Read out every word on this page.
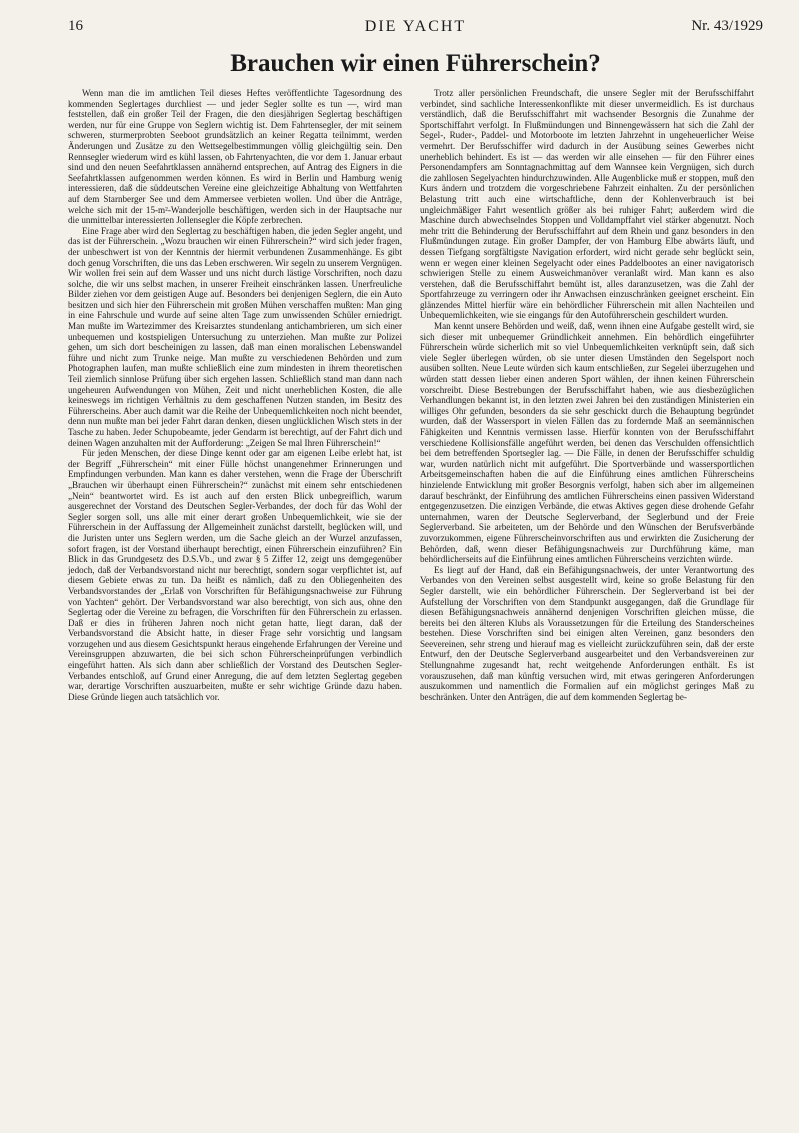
16	DIE YACHT	Nr. 43/1929
Brauchen wir einen Führerschein?

Wenn man die im amtlichen Teil dieses Heftes veröffentlichte Tagesordnung des kommenden Seglertages durchliest — und jeder Segler sollte es tun —, wird man feststellen, daß ein großer Teil der Fragen, die den diesjährigen Seglertag beschäftigen werden, nur für eine Gruppe von Seglern wichtig ist. Dem Fahrtensegler, der mit seinem schweren, sturmerprobten Seeboot grundsätzlich an keiner Regatta teilnimmt, werden Änderungen und Zusätze zu den Wettsegelbestimmungen völlig gleichgültig sein. Den Rennsegler wiederum wird es kühl lassen, ob Fahrtenyachten, die vor dem 1. Januar erbaut sind und den neuen Seefahrtklassen annähernd entsprechen, auf Antrag des Eigners in die Seefahrtklassen aufgenommen werden können. Es wird in Berlin und Hamburg wenig interessieren, daß die süddeutschen Vereine eine gleichzeitige Abhaltung von Wettfahrten auf dem Starnberger See und dem Ammersee verbieten wollen. Und über die Anträge, welche sich mit der 15-m²-Wanderjolle beschäftigen, werden sich in der Hauptsache nur die unmittelbar interessierten Jollensegler die Köpfe zerbrechen.

Eine Frage aber wird den Seglertag zu beschäftigen haben, die jeden Segler angeht, und das ist der Führerschein. „Wozu brauchen wir einen Führerschein?“ wird sich jeder fragen, der unbeschwert ist von der Kenntnis der hiermit verbundenen Zusammenhänge. Es gibt doch genug Vorschriften, die uns das Leben erschweren. Wir segeln zu unserem Vergnügen. Wir wollen frei sein auf dem Wasser und uns nicht durch lästige Vorschriften, noch dazu solche, die wir uns selbst machen, in unserer Freiheit einschränken lassen. Unerfreuliche Bilder ziehen vor dem geistigen Auge auf. Besonders bei denjenigen Seglern, die ein Auto besitzen und sich hier den Führerschein mit großen Mühen verschaffen mußten: Man ging in eine Fahrschule und wurde auf seine alten Tage zum unwissenden Schüler erniedrigt. Man mußte im Wartezimmer des Kreisarztes stundenlang antichambrieren, um sich einer unbequemen und kostspieligen Untersuchung zu unterziehen. Man mußte zur Polizei gehen, um sich dort bescheinigen zu lassen, daß man einen moralischen Lebenswandel führe und nicht zum Trunke neige. Man mußte zu verschiedenen Behörden und zum Photographen laufen, man mußte schließlich eine zum mindesten in ihrem theoretischen Teil ziemlich sinnlose Prüfung über sich ergehen lassen. Schließlich stand man dann nach ungeheuren Aufwendungen von Mühen, Zeit und nicht unerheblichen Kosten, die alle keineswegs im richtigen Verhältnis zu dem geschaffenen Nutzen standen, im Besitz des Führerscheins. Aber auch damit war die Reihe der Unbequemlichkeiten noch nicht beendet, denn nun mußte man bei jeder Fahrt daran denken, diesen unglücklichen Wisch stets in der Tasche zu haben. Jeder Schupobeamte, jeder Gendarm ist berechtigt, auf der Fahrt dich und deinen Wagen anzuhalten mit der Aufforderung: „Zeigen Se mal Ihren Führerschein!“

Für jeden Menschen, der diese Dinge kennt oder gar am eigenen Leibe erlebt hat, ist der Begriff „Führerschein“ mit einer Fülle höchst unangenehmer Erinnerungen und Empfindungen verbunden. Man kann es daher verstehen, wenn die Frage der Überschrift „Brauchen wir überhaupt einen Führerschein?“ zunächst mit einem sehr entschiedenen „Nein“ beantwortet wird. Es ist auch auf den ersten Blick unbegreiflich, warum ausgerechnet der Vorstand des Deutschen Segler-Verbandes, der doch für das Wohl der Segler sorgen soll, uns alle mit einer derart großen Unbequemlichkeit, wie sie der Führerschein in der Auffassung der Allgemeinheit zunächst darstellt, beglücken will, und die Juristen unter uns Seglern werden, um die Sache gleich an der Wurzel anzufassen, sofort fragen, ist der Vorstand überhaupt berechtigt, einen Führerschein einzuführen? Ein Blick in das Grundgesetz des D.S.Vb., und zwar § 5 Ziffer 12, zeigt uns demgegenüber jedoch, daß der Verbandsvorstand nicht nur berechtigt, sondern sogar verpflichtet ist, auf diesem Gebiete etwas zu tun. Da heißt es nämlich, daß zu den Obliegenheiten des Verbandsvorstandes der „Erlaß von Vorschriften für Befähigungsnachweise zur Führung von Yachten“ gehört. Der Verbandsvorstand war also berechtigt, von sich aus, ohne den Seglertag oder die Vereine zu befragen, die Vorschriften für den Führerschein zu erlassen. Daß er dies in früheren Jahren noch nicht getan hatte, liegt daran, daß der Verbandsvorstand die Absicht hatte, in dieser Frage sehr vorsichtig und langsam vorzugehen und aus diesem Gesichtspunkt heraus eingehende Erfahrungen der Vereine und Vereinsgruppen abzuwarten, die bei sich schon Führerscheinprüfungen verbindlich eingeführt hatten. Als sich dann aber schließlich der Vorstand des Deutschen Segler-Verbandes entschloß, auf Grund einer Anregung, die auf dem letzten Seglertag gegeben war, derartige Vorschriften auszuarbeiten, mußte er sehr wichtige Gründe dazu haben. Diese Gründe liegen auch tatsächlich vor.

Trotz aller persönlichen Freundschaft, die unsere Segler mit der Berufsschiffahrt verbindet, sind sachliche Interessenkonflikte mit dieser unvermeidlich. Es ist durchaus verständlich, daß die Berufsschiffahrt mit wachsender Besorgnis die Zunahme der Sportschiffahrt verfolgt. In Flußmündungen und Binnengewässern hat sich die Zahl der Segel-, Ruder-, Paddel- und Motorboote im letzten Jahrzehnt in ungeheuerlicher Weise vermehrt. Der Berufsschiffer wird dadurch in der Ausübung seines Gewerbes nicht unerheblich behindert. Es ist — das werden wir alle einsehen — für den Führer eines Personendampfers am Sonntagnachmittag auf dem Wannsee kein Vergnügen, sich durch die zahllosen Segelyachten hindurchzuwinden. Alle Augenblicke muß er stoppen, muß den Kurs ändern und trotzdem die vorgeschriebene Fahrzeit einhalten. Zu der persönlichen Belastung tritt auch eine wirtschaftliche, denn der Kohlenverbrauch ist bei ungleichmäßiger Fahrt wesentlich größer als bei ruhiger Fahrt; außerdem wird die Maschine durch abwechselndes Stoppen und Volldampffahrt viel stärker abgenutzt. Noch mehr tritt die Behinderung der Berufsschiffahrt auf dem Rhein und ganz besonders in den Flußmündungen zutage. Ein großer Dampfer, der von Hamburg Elbe abwärts läuft, und dessen Tiefgang sorgfältigste Navigation erfordert, wird nicht gerade sehr beglückt sein, wenn er wegen einer kleinen Segelyacht oder eines Paddelbootes an einer navigatorisch schwierigen Stelle zu einem Ausweichmanöver veranlaßt wird. Man kann es also verstehen, daß die Berufsschiffahrt bemüht ist, alles daranzusetzen, was die Zahl der Sportfahrzeuge zu verringern oder ihr Anwachsen einzuschränken geeignet erscheint. Ein glänzendes Mittel hierfür wäre ein behördlicher Führerschein mit allen Nachteilen und Unbequemlichkeiten, wie sie eingangs für den Autoführerschein geschildert wurden.

Man kennt unsere Behörden und weiß, daß, wenn ihnen eine Aufgabe gestellt wird, sie sich dieser mit unbequemer Gründlichkeit annehmen. Ein behördlich eingeführter Führerschein würde sicherlich mit so viel Unbequemlichkeiten verknüpft sein, daß sich viele Segler überlegen würden, ob sie unter diesen Umständen den Segelsport noch ausüben sollten. Neue Leute würden sich kaum entschließen, zur Segelei überzugehen und würden statt dessen lieber einen anderen Sport wählen, der ihnen keinen Führerschein vorschreibt. Diese Bestrebungen der Berufsschiffahrt haben, wie aus diesbezüglichen Verhandlungen bekannt ist, in den letzten zwei Jahren bei den zuständigen Ministerien ein williges Ohr gefunden, besonders da sie sehr geschickt durch die Behauptung begründet wurden, daß der Wassersport in vielen Fällen das zu fordernde Maß an seemännischen Fähigkeiten und Kenntnis vermissen lasse. Hierfür konnten von der Berufsschiffahrt verschiedene Kollisionsfälle angeführt werden, bei denen das Verschulden offensichtlich bei dem betreffenden Sportsegler lag. — Die Fälle, in denen der Berufsschiffer schuldig war, wurden natürlich nicht mit aufgeführt. Die Sportverbände und wassersportlichen Arbeitsgemeinschaften haben die auf die Einführung eines amtlichen Führerscheins hinzielende Entwicklung mit großer Besorgnis verfolgt, haben sich aber im allgemeinen darauf beschränkt, der Einführung des amtlichen Führerscheins einen passiven Widerstand entgegenzusetzen. Die einzigen Verbände, die etwas Aktives gegen diese drohende Gefahr unternahmen, waren der Deutsche Seglerverband, der Seglerbund und der Freie Seglerverband. Sie arbeiteten, um der Behörde und den Wünschen der Berufsverbände zuvorzukommen, eigene Führerscheinvorschriften aus und erwirkten die Zusicherung der Behörden, daß, wenn dieser Befähigungsnachweis zur Durchführung käme, man behördlicherseits auf die Einführung eines amtlichen Führerscheins verzichten würde.

Es liegt auf der Hand, daß ein Befähigungsnachweis, der unter Verantwortung des Verbandes von den Vereinen selbst ausgestellt wird, keine so große Belastung für den Segler darstellt, wie ein behördlicher Führerschein. Der Seglerverband ist bei der Aufstellung der Vorschriften von dem Standpunkt ausgegangen, daß die Grundlage für diesen Befähigungsnachweis annähernd denjenigen Vorschriften gleichen müsse, die bereits bei den älteren Klubs als Voraussetzungen für die Erteilung des Standerscheines bestehen. Diese Vorschriften sind bei einigen alten Vereinen, ganz besonders den Seevereinen, sehr streng und hierauf mag es vielleicht zurückzuführen sein, daß der erste Entwurf, den der Deutsche Seglerverband ausgearbeitet und den Verbandsvereinen zur Stellungnahme zugesandt hat, recht weitgehende Anforderungen enthält. Es ist vorauszusehen, daß man künftig versuchen wird, mit etwas geringeren Anforderungen auszukommen und namentlich die Formalien auf ein möglichst geringes Maß zu beschränken. Unter den Anträgen, die auf dem kommenden Seglertag be-
